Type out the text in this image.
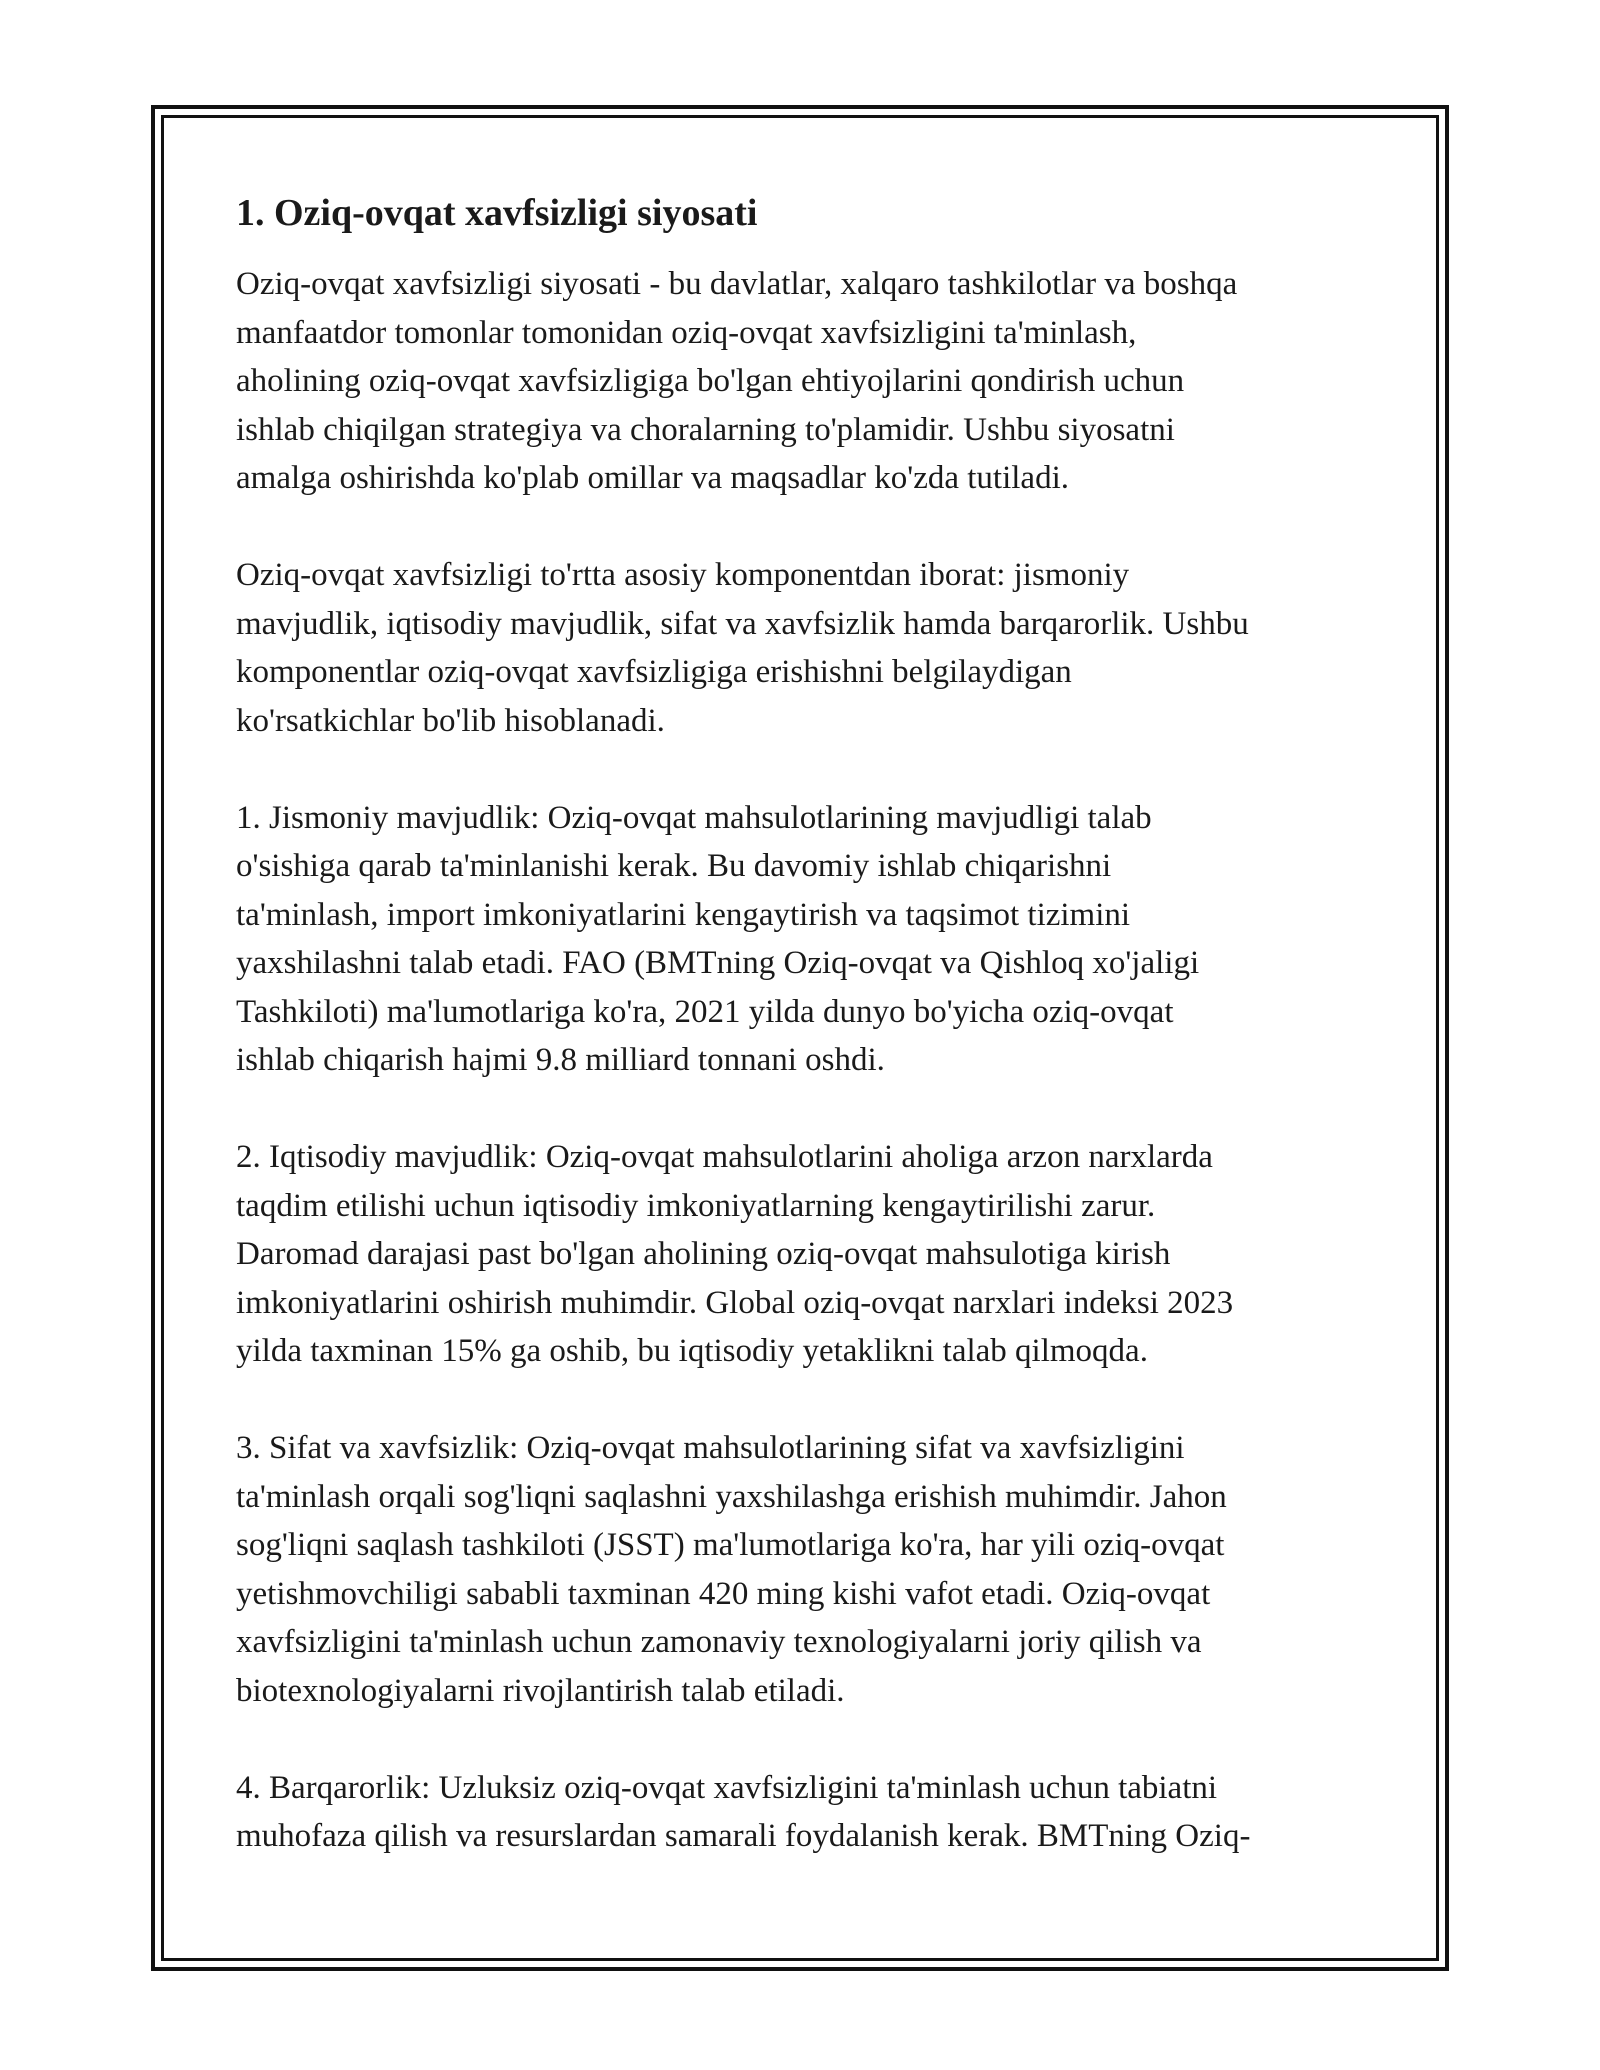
1. Oziq-ovqat xavfsizligi siyosati

Oziq-ovqat xavfsizligi siyosati - bu davlatlar, xalqaro tashkilotlar va boshqa
manfaatdor tomonlar tomonidan oziq-ovqat xavfsizligini ta'minlash,
aholining oziq-ovqat xavfsizligiga bo'lgan ehtiyojlarini qondirish uchun
ishlab chiqilgan strategiya va choralarning to'plamidir. Ushbu siyosatni
amalga oshirishda ko'plab omillar va maqsadlar ko'zda tutiladi.

Oziq-ovqat xavfsizligi to'rtta asosiy komponentdan iborat: jismoniy
mavjudlik, iqtisodiy mavjudlik, sifat va xavfsizlik hamda barqarorlik. Ushbu
komponentlar oziq-ovqat xavfsizligiga erishishni belgilaydigan
ko'rsatkichlar bo'lib hisoblanadi.

1. Jismoniy mavjudlik: Oziq-ovqat mahsulotlarining mavjudligi talab
o'sishiga qarab ta'minlanishi kerak. Bu davomiy ishlab chiqarishni
ta'minlash, import imkoniyatlarini kengaytirish va taqsimot tizimini
yaxshilashni talab etadi. FAO (BMTning Oziq-ovqat va Qishloq xo'jaligi
Tashkiloti) ma'lumotlariga ko'ra, 2021 yilda dunyo bo'yicha oziq-ovqat
ishlab chiqarish hajmi 9.8 milliard tonnani oshdi.

2. Iqtisodiy mavjudlik: Oziq-ovqat mahsulotlarini aholiga arzon narxlarda
taqdim etilishi uchun iqtisodiy imkoniyatlarning kengaytirilishi zarur.
Daromad darajasi past bo'lgan aholining oziq-ovqat mahsulotiga kirish
imkoniyatlarini oshirish muhimdir. Global oziq-ovqat narxlari indeksi 2023
yilda taxminan 15% ga oshib, bu iqtisodiy yetaklikni talab qilmoqda.

3. Sifat va xavfsizlik: Oziq-ovqat mahsulotlarining sifat va xavfsizligini
ta'minlash orqali sog'liqni saqlashni yaxshilashga erishish muhimdir. Jahon
sog'liqni saqlash tashkiloti (JSST) ma'lumotlariga ko'ra, har yili oziq-ovqat
yetishmovchiligi sababli taxminan 420 ming kishi vafot etadi. Oziq-ovqat
xavfsizligini ta'minlash uchun zamonaviy texnologiyalarni joriy qilish va
biotexnologiyalarni rivojlantirish talab etiladi.

4. Barqarorlik: Uzluksiz oziq-ovqat xavfsizligini ta'minlash uchun tabiatni
muhofaza qilish va resurslardan samarali foydalanish kerak. BMTning Oziq-
